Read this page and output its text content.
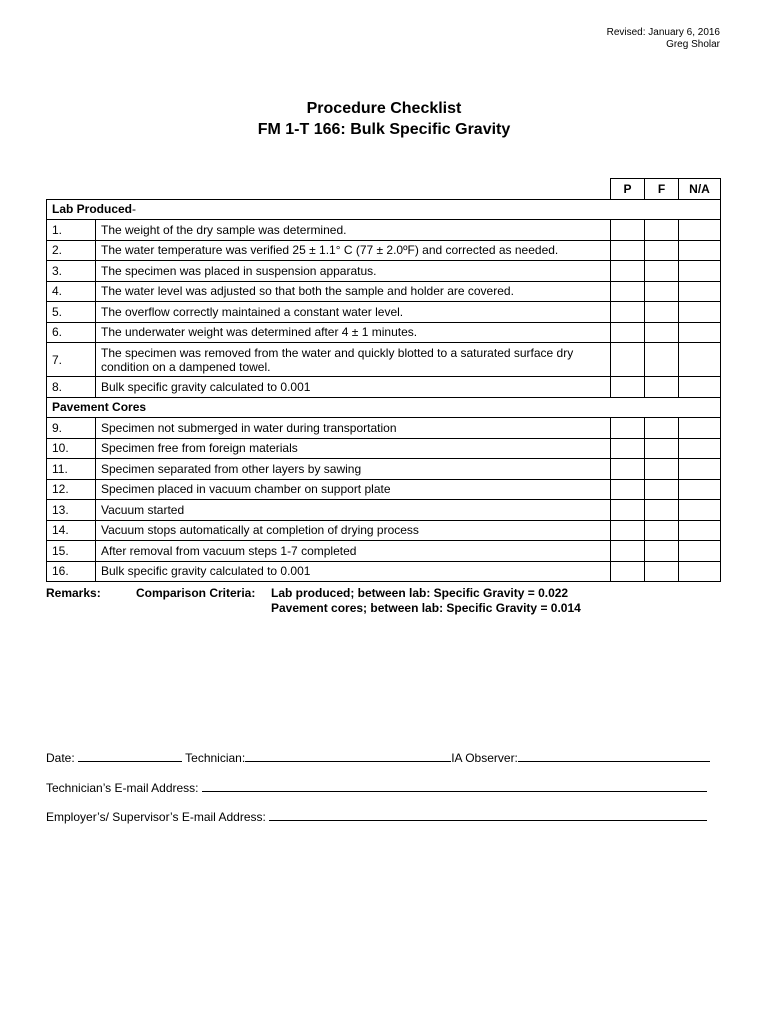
Revised: January 6, 2016
Greg Sholar
Procedure Checklist
FM 1-T 166: Bulk Specific Gravity
		P	F	N/A
Lab Produced-				
1.	The weight of the dry sample was determined.			
2.	The water temperature was verified 25 ± 1.1° C (77 ± 2.0ºF) and corrected as needed.			
3.	The specimen was placed in suspension apparatus.			
4.	The water level was adjusted so that both the sample and holder are covered.			
5.	The overflow correctly maintained a constant water level.			
6.	The underwater weight was determined after 4 ± 1 minutes.			
7.	The specimen was removed from the water and quickly blotted to a saturated surface dry condition on a dampened towel.			
8.	Bulk specific gravity calculated to 0.001			
Pavement Cores				
9.	Specimen not submerged in water during transportation			
10.	Specimen free from foreign materials			
11.	Specimen separated from other layers by sawing			
12.	Specimen placed in vacuum chamber on support plate			
13.	Vacuum started			
14.	Vacuum stops automatically at completion of drying process			
15.	After removal from vacuum steps 1-7 completed			
16.	Bulk specific gravity calculated to 0.001			
Remarks:	Comparison Criteria: Lab produced; between lab: Specific Gravity = 0.022
Pavement cores; between lab: Specific Gravity = 0.014
Date:	Technician:	IA Observer:
Technician’s E-mail Address:
Employer’s/ Supervisor’s E-mail Address:
